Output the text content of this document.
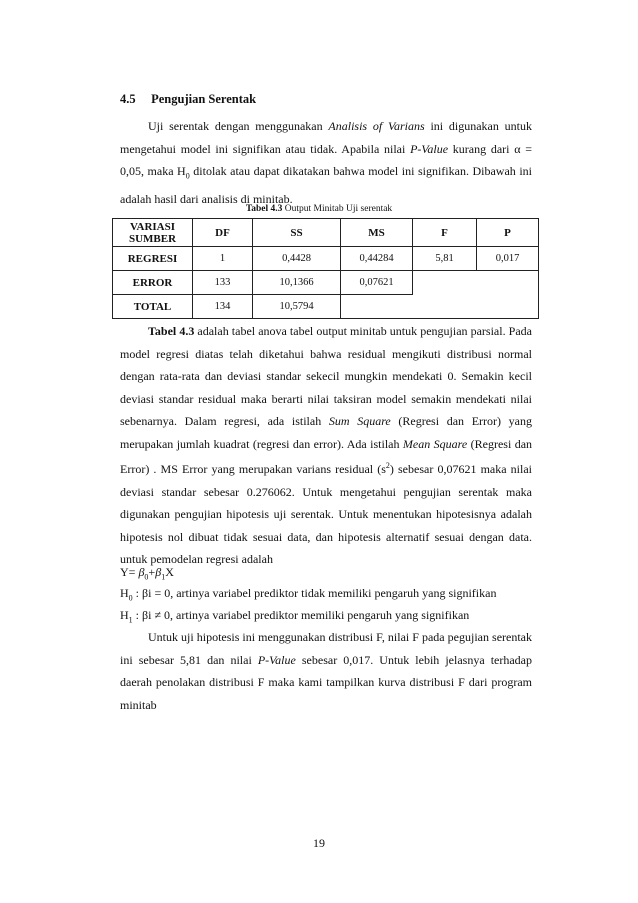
4.5 Pengujian Serentak

Uji serentak dengan menggunakan Analisis of Varians ini digunakan untuk mengetahui model ini signifikan atau tidak. Apabila nilai P-Value kurang dari α = 0,05, maka $H_0$ ditolak atau dapat dikatakan bahwa model ini signifikan. Dibawah ini adalah hasil dari analisis di minitab.

Tabel 4.3 Output Minitab Uji serentak
VARIASI SUMBER	DF	SS	MS	F	P
REGRESI	1	0,4428	0,44284	5,81	0,017
ERROR	133	10,1366	0,07621		
TOTAL	134	10,5794			

Tabel 4.3 adalah tabel anova tabel output minitab untuk pengujian parsial. Pada model regresi diatas telah diketahui bahwa residual mengikuti distribusi normal dengan rata-rata dan deviasi standar sekecil mungkin mendekati 0. Semakin kecil deviasi standar residual maka berarti nilai taksiran model semakin mendekati nilai sebenarnya. Dalam regresi, ada istilah Sum Square (Regresi dan Error) yang merupakan jumlah kuadrat (regresi dan error). Ada istilah Mean Square (Regresi dan Error) . MS Error yang merupakan varians residual $(s^2)$ sebesar 0,07621 maka nilai deviasi standar sebesar 0.276062. Untuk mengetahui pengujian serentak maka digunakan pengujian hipotesis uji serentak. Untuk menentukan hipotesisnya adalah hipotesis nol dibuat tidak sesuai data, dan hipotesis alternatif sesuai dengan data. untuk pemodelan regresi adalah

$Y= \beta_0+\beta_1X$
$H_0$ : βi = 0, artinya variabel prediktor tidak memiliki pengaruh yang signifikan
$H_1$ : βi ≠ 0, artinya variabel prediktor memiliki pengaruh yang signifikan

Untuk uji hipotesis ini menggunakan distribusi F, nilai F pada pegujian serentak ini sebesar 5,81 dan nilai P-Value sebesar 0,017. Untuk lebih jelasnya terhadap daerah penolakan distribusi F maka kami tampilkan kurva distribusi F dari program minitab

19
